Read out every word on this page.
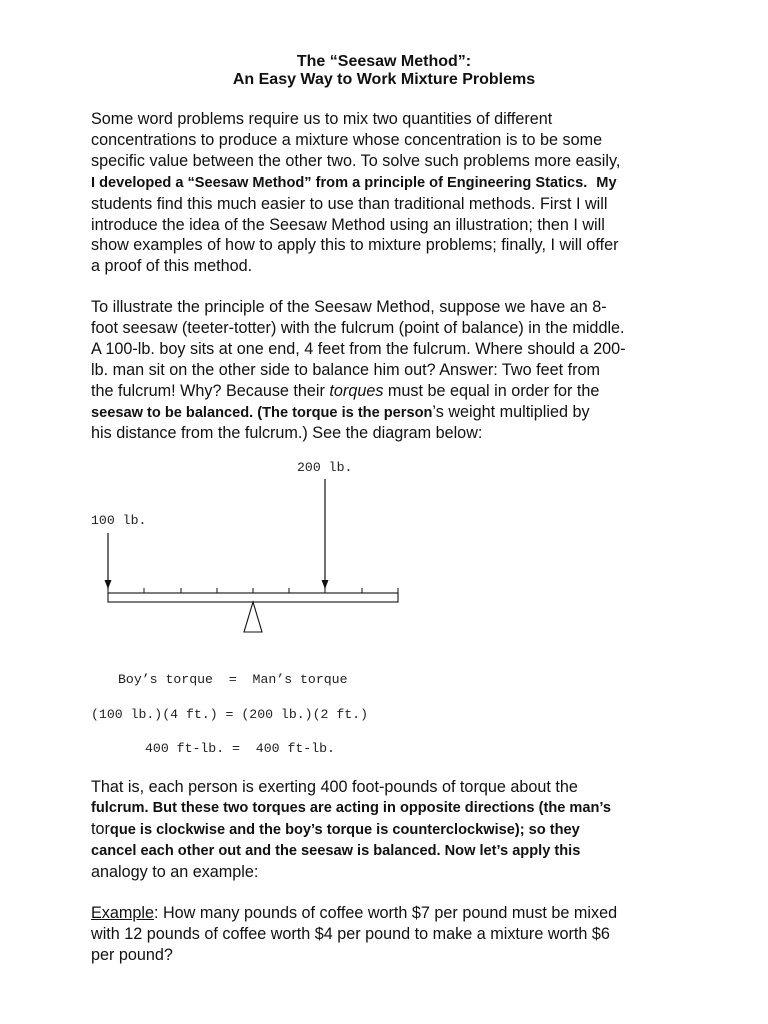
The “Seesaw Method”:
An Easy Way to Work Mixture Problems
Some word problems require us to mix two quantities of different
concentrations to produce a mixture whose concentration is to be some
specific value between the other two. To solve such problems more easily,
I developed a “Seesaw Method” from a principle of Engineering Statics. My
students find this much easier to use than traditional methods. First I will
introduce the idea of the Seesaw Method using an illustration; then I will
show examples of how to apply this to mixture problems; finally, I will offer
a proof of this method.
To illustrate the principle of the Seesaw Method, suppose we have an 8-
foot seesaw (teeter-totter) with the fulcrum (point of balance) in the middle.
A 100-lb. boy sits at one end, 4 feet from the fulcrum. Where should a 200-
lb. man sit on the other side to balance him out? Answer: Two feet from
the fulcrum! Why? Because their torques must be equal in order for the
seesaw to be balanced. (The torque is the person’s weight multiplied by
his distance from the fulcrum.) See the diagram below:
200 lb.
100 lb.
Boy’s torque  =  Man’s torque
(100 lb.)(4 ft.) = (200 lb.)(2 ft.)
400 ft-lb. =  400 ft-lb.
That is, each person is exerting 400 foot-pounds of torque about the
fulcrum. But these two torques are acting in opposite directions (the man’s
torque is clockwise and the boy’s torque is counterclockwise); so they
cancel each other out and the seesaw is balanced. Now let’s apply this
analogy to an example:
Example: How many pounds of coffee worth $7 per pound must be mixed
with 12 pounds of coffee worth $4 per pound to make a mixture worth $6
per pound?
